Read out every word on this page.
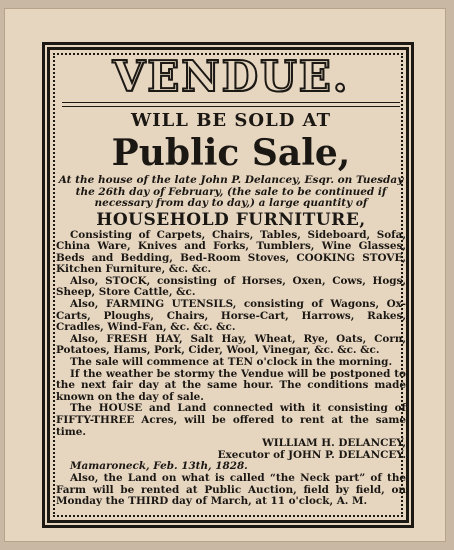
VENDUE.
WILL BE SOLD AT
Public Sale,
At the house of the late John P. Delancey, Esqr. on Tuesday the 26th day of February, (the sale to be continued if necessary from day to day,) a large quantity of
HOUSEHOLD FURNITURE,

Consisting of Carpets, Chairs, Tables, Sideboard, Sofa, China Ware, Knives and Forks, Tumblers, Wine Glasses, Beds and Bedding, Bed-Room Stoves, COOKING STOVE, Kitchen Furniture, &c. &c.

Also, STOCK, consisting of Horses, Oxen, Cows, Hogs, Sheep, Store Cattle, &c.

Also, FARMING UTENSILS, consisting of Wagons, Ox-Carts, Ploughs, Chairs, Horse-Cart, Harrows, Rakes, Cradles, Wind-Fan, &c. &c. &c.

Also, FRESH HAY, Salt Hay, Wheat, Rye, Oats, Corn, Potatoes, Hams, Pork, Cider, Wool, Vinegar, &c. &c. &c.

The sale will commence at TEN o'clock in the morning.

If the weather be stormy the Vendue will be postponed to the next fair day at the same hour. The conditions made known on the day of sale.

The HOUSE and Land connected with it consisting of FIFTY-THREE Acres, will be offered to rent at the same time.

WILLIAM H. DELANCEY,

Executor of JOHN P. DELANCEY.

Mamaroneck, Feb. 13th, 1828.

Also, the Land on what is called “the Neck part” of the Farm will be rented at Public Auction, field by field, on Monday the THIRD day of March, at 11 o'clock, A. M.
